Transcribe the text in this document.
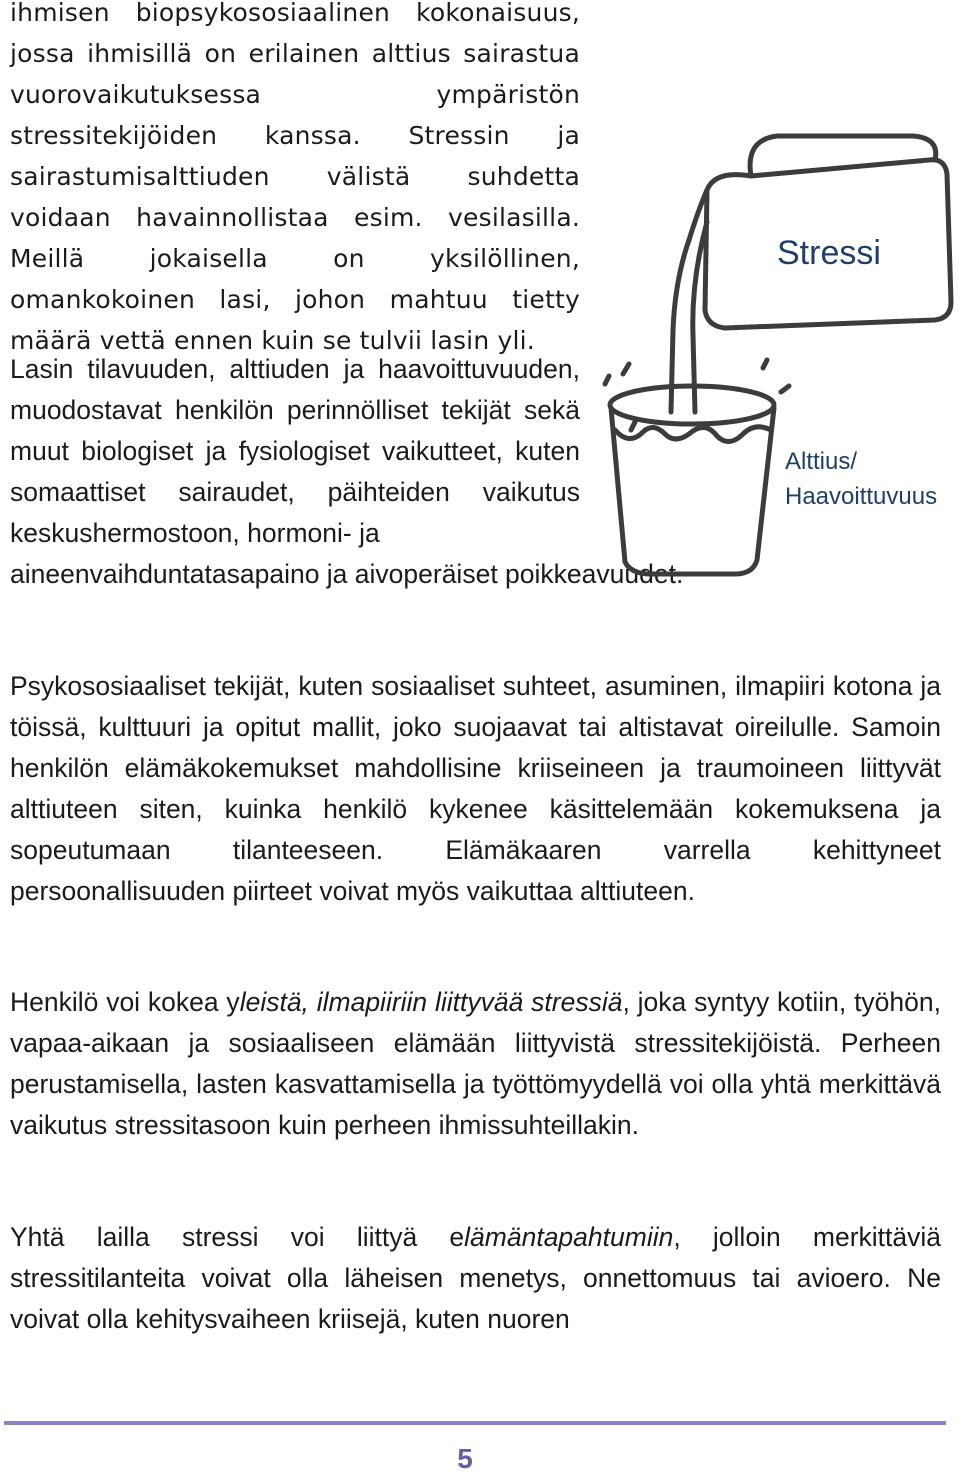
ihmisen biopsykososiaalinen kokonaisuus, jossa ihmisillä on erilainen alttius sairastua vuorovaikutuksessa ympäristön stressitekijöiden kanssa. Stressin ja sairastumisalttiuden välistä suhdetta voidaan havainnollistaa esim. vesilasilla. Meillä jokaisella on yksilöllinen, omankokoinen lasi, johon mahtuu tietty määrä vettä ennen kuin se tulvii lasin yli.

Lasin tilavuuden, alttiuden ja haavoittuvuuden, muodostavat henkilön perinnölliset tekijät sekä muut biologiset ja fysiologiset vaikutteet, kuten somaattiset sairaudet, päihteiden vaikutus keskushermostoon, hormoni- ja
aineenvaihduntatasapaino ja aivoperäiset poikkeavuudet.

Psykososiaaliset tekijät, kuten sosiaaliset suhteet, asuminen, ilmapiiri kotona ja töissä, kulttuuri ja opitut mallit, joko suojaavat tai altistavat oireilulle. Samoin henkilön elämäkokemukset mahdollisine kriiseineen ja traumoineen liittyvät alttiuteen siten, kuinka henkilö kykenee käsittelemään kokemuksena ja sopeutumaan tilanteeseen. Elämäkaaren varrella kehittyneet persoonallisuuden piirteet voivat myös vaikuttaa alttiuteen.

Henkilö voi kokea yleistä, ilmapiiriin liittyvää stressiä, joka syntyy kotiin, työhön, vapaa-aikaan ja sosiaaliseen elämään liittyvistä stressitekijöistä. Perheen perustamisella, lasten kasvattamisella ja työttömyydellä voi olla yhtä merkittävä vaikutus stressitasoon kuin perheen ihmissuhteillakin.

Yhtä lailla stressi voi liittyä elämäntapahtumiin, jolloin merkittäviä stressitilanteita voivat olla läheisen menetys, onnettomuus tai avioero. Ne voivat olla kehitysvaiheen kriisejä, kuten nuoren

Stressi
Alttius/
Haavoittuvuus
5
